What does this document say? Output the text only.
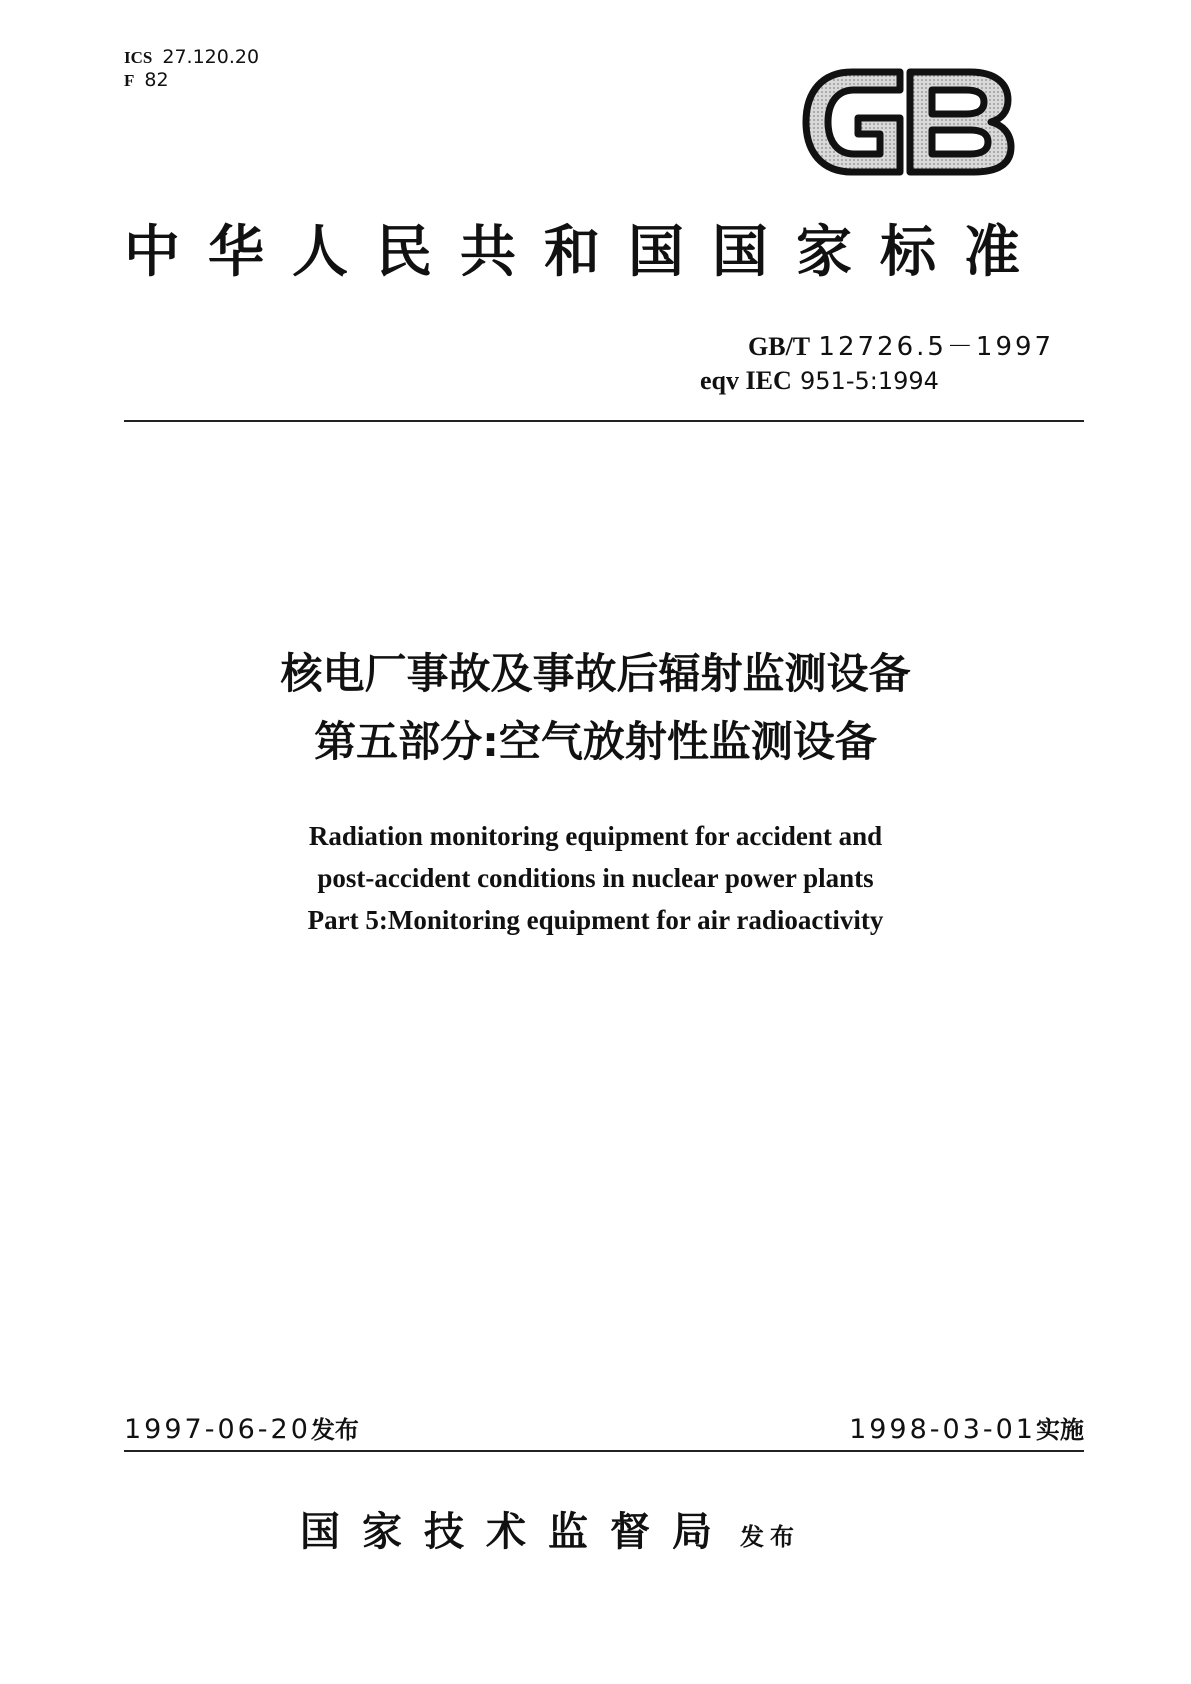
ICS 27.120.20
F 82
中华人民共和国国家标准
GB/T 12726.5－1997
eqv IEC 951-5:1994
核电厂事故及事故后辐射监测设备
第五部分:空气放射性监测设备
Radiation monitoring equipment for accident and
post-accident conditions in nuclear power plants
Part 5:Monitoring equipment for air radioactivity
1997-06-20发布	1998-03-01实施
国家技术监督局 发布
